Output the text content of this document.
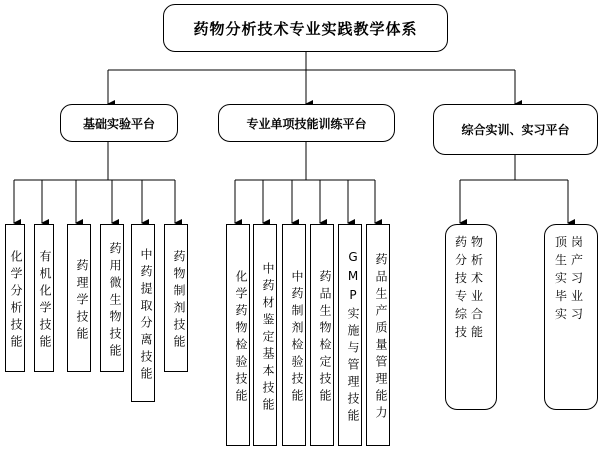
药物分析技术专业实践教学体系
基础实验平台	专业单项技能训练平台	综合实训、实习平台
化学分析技能	有机化学技能	药理学技能	药用微生物技能	中药提取分离技能	药物制剂技能	化学药物检验技能	中药材鉴定基本技能	中药制剂检验技能	药品生物检定技能	GMP实施与管理技能	药品生产质量管理能力
药物分析技术专业综合技能
顶岗生产实习毕业实习
